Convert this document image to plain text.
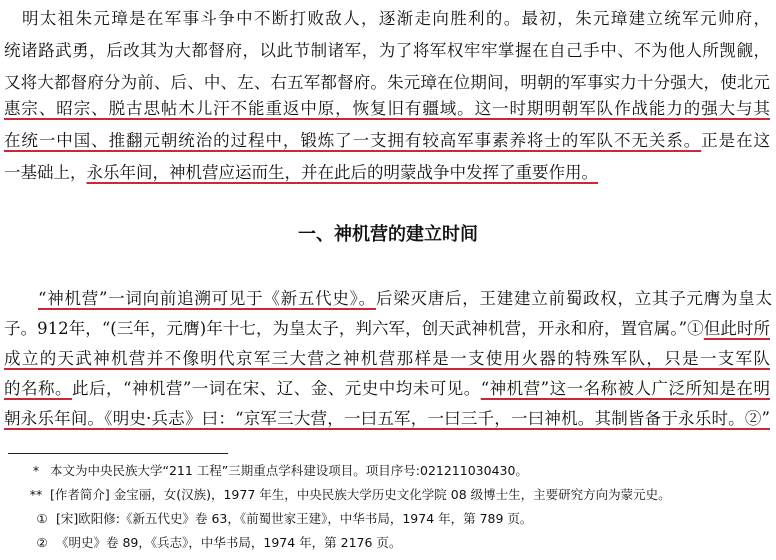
明太祖朱元璋是在军事斗争中不断打败敌人，逐渐走向胜利的。最初，朱元璋建立统军元帅府，
统诸路武勇，后改其为大都督府，以此节制诸军，为了将军权牢牢掌握在自己手中、不为他人所觊觎，
又将大都督府分为前、后、中、左、右五军都督府。朱元璋在位期间，明朝的军事实力十分强大，使北元
惠宗、昭宗、脱古思帖木儿汗不能重返中原，恢复旧有疆域。这一时期明朝军队作战能力的强大与其
在统一中国、推翻元朝统治的过程中，锻炼了一支拥有较高军事素养将士的军队不无关系。正是在这
一基础上，永乐年间，神机营应运而生，并在此后的明蒙战争中发挥了重要作用。
一、神机营的建立时间
“神机营”一词向前追溯可见于《新五代史》。后梁灭唐后，王建建立前蜀政权，立其子元膺为皇太
子。912年，“(三年，元膺)年十七，为皇太子，判六军，创天武神机营，开永和府，置官属。”①但此时所
成立的天武神机营并不像明代京军三大营之神机营那样是一支使用火器的特殊军队，只是一支军队
的名称。此后，“神机营”一词在宋、辽、金、元史中均未可见。“神机营”这一名称被人广泛所知是在明
朝永乐年间。《明史·兵志》曰：“京军三大营，一曰五军，一曰三千，一曰神机。其制皆备于永乐时。②”
* 本文为中央民族大学“211 工程”三期重点学科建设项目。项目序号:021211030430。
** [作者简介] 金宝丽，女(汉族)，1977 年生，中央民族大学历史文化学院 08 级博士生，主要研究方向为蒙元史。
① [宋]欧阳修:《新五代史》卷 63，《前蜀世家王建》，中华书局，1974 年，第 789 页。
② 《明史》卷 89，《兵志》，中华书局，1974 年，第 2176 页。
